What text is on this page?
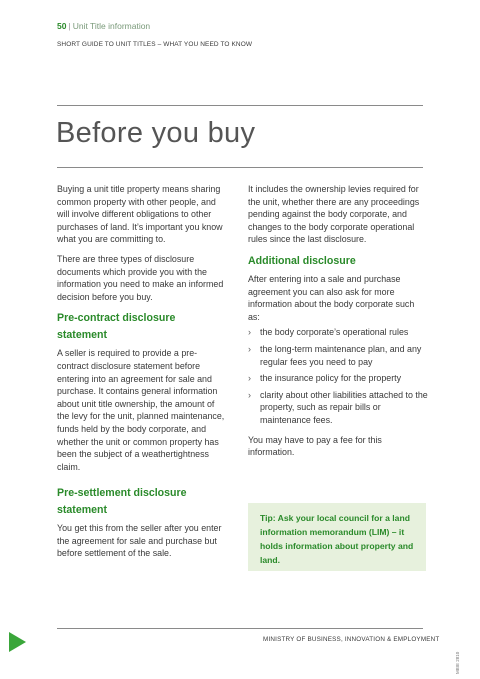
50 | Unit Title information
SHORT GUIDE TO UNIT TITLES – WHAT YOU NEED TO KNOW
Before you buy

Buying a unit title property means sharing common property with other people, and will involve different obligations to other purchases of land. It’s important you know what you are committing to.

There are three types of disclosure documents which provide you with the information you need to make an informed decision before you buy.

Pre-contract disclosure statement

A seller is required to provide a pre-contract disclosure statement before entering into an agreement for sale and purchase. It contains general information about unit title ownership, the amount of the levy for the unit, planned maintenance, funds held by the body corporate, and whether the unit or common property has been the subject of a weathertightness claim.

Pre-settlement disclosure statement

You get this from the seller after you enter the agreement for sale and purchase but before settlement of the sale.

It includes the ownership levies required for the unit, whether there are any proceedings pending against the body corporate, and changes to the body corporate operational rules since the last disclosure.

Additional disclosure

After entering into a sale and purchase agreement you can also ask for more information about the body corporate such as:

› the body corporate’s operational rules
› the long-term maintenance plan, and any regular fees you need to pay
› the insurance policy for the property
› clarity about other liabilities attached to the property, such as repair bills or maintenance fees.

You may have to pay a fee for this information.

Tip: Ask your local council for a land information memorandum (LIM) – it holds information about property and land.

MINISTRY OF BUSINESS, INNOVATION & EMPLOYMENT
MBIE 2810
